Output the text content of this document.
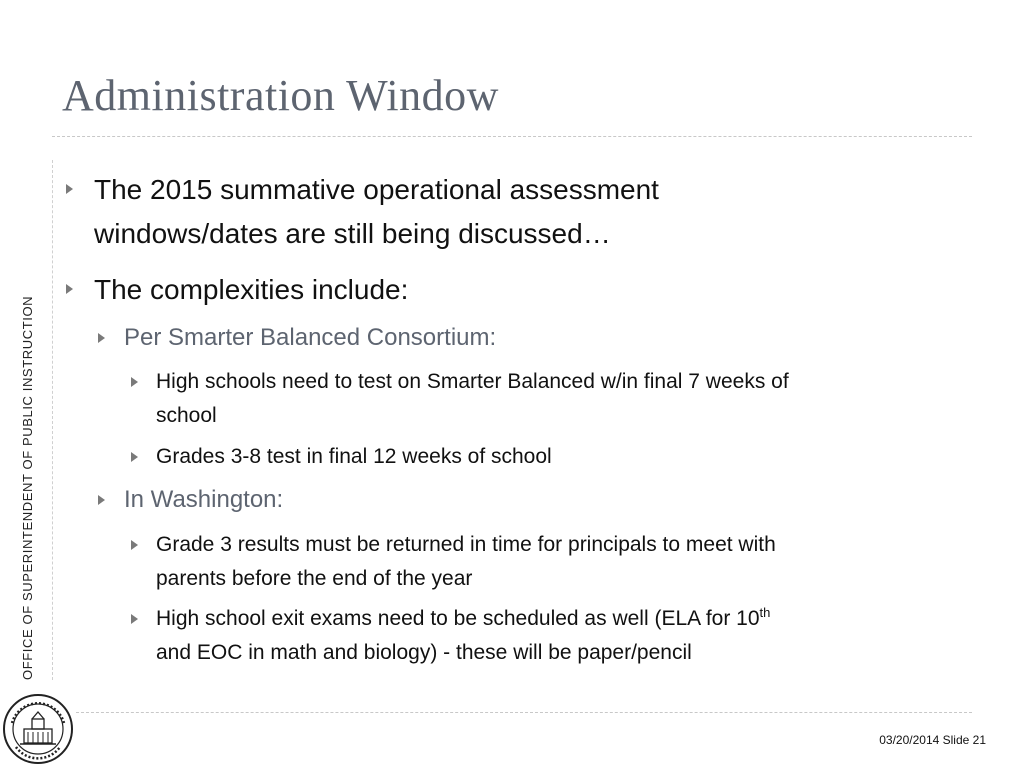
Administration Window
OFFICE OF SUPERINTENDENT OF PUBLIC INSTRUCTION
The 2015 summative operational assessment
windows/dates are still being discussed…
The complexities include:
Per Smarter Balanced Consortium:
High schools need to test on Smarter Balanced w/in final 7 weeks of
school
Grades 3-8 test in final 12 weeks of school
In Washington:
Grade 3 results must be returned in time for principals to meet with
parents before the end of the year
High school exit exams need to be scheduled as well (ELA for 10th
and EOC in math and biology) - these will be paper/pencil
03/20/2014 Slide 21
